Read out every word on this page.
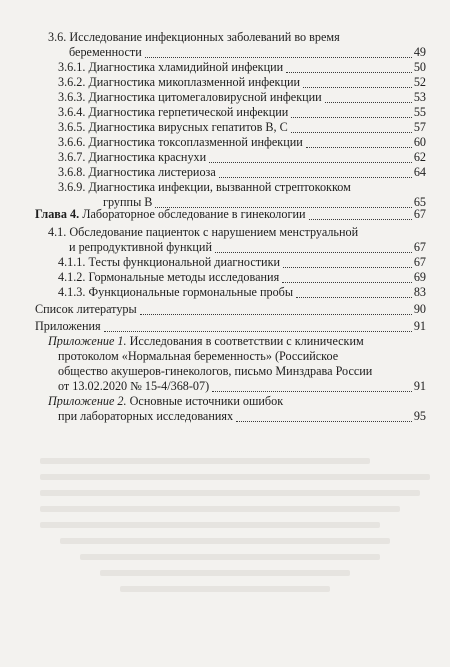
3.6. Исследование инфекционных заболеваний во время
беременности	49
3.6.1. Диагностика хламидийной инфекции	50
3.6.2. Диагностика микоплазменной инфекции	52
3.6.3. Диагностика цитомегаловирусной инфекции	53
3.6.4. Диагностика герпетической инфекции	55
3.6.5. Диагностика вирусных гепатитов В, С	57
3.6.6. Диагностика токсоплазменной инфекции	60
3.6.7. Диагностика краснухи	62
3.6.8. Диагностика листериоза	64
3.6.9. Диагностика инфекции, вызванной стрептококком
группы В	65
Глава 4. Лабораторное обследование в гинекологии	67
4.1. Обследование пациенток с нарушением менструальной
и репродуктивной функций	67
4.1.1. Тесты функциональной диагностики	67
4.1.2. Гормональные методы исследования	69
4.1.3. Функциональные гормональные пробы	83
Список литературы	90
Приложения	91
Приложение 1. Исследования в соответствии с клиническим
протоколом «Нормальная беременность» (Российское
общество акушеров-гинекологов, письмо Минздрава России
от 13.02.2020 № 15-4/368-07)	91
Приложение 2. Основные источники ошибок
при лабораторных исследованиях	95
